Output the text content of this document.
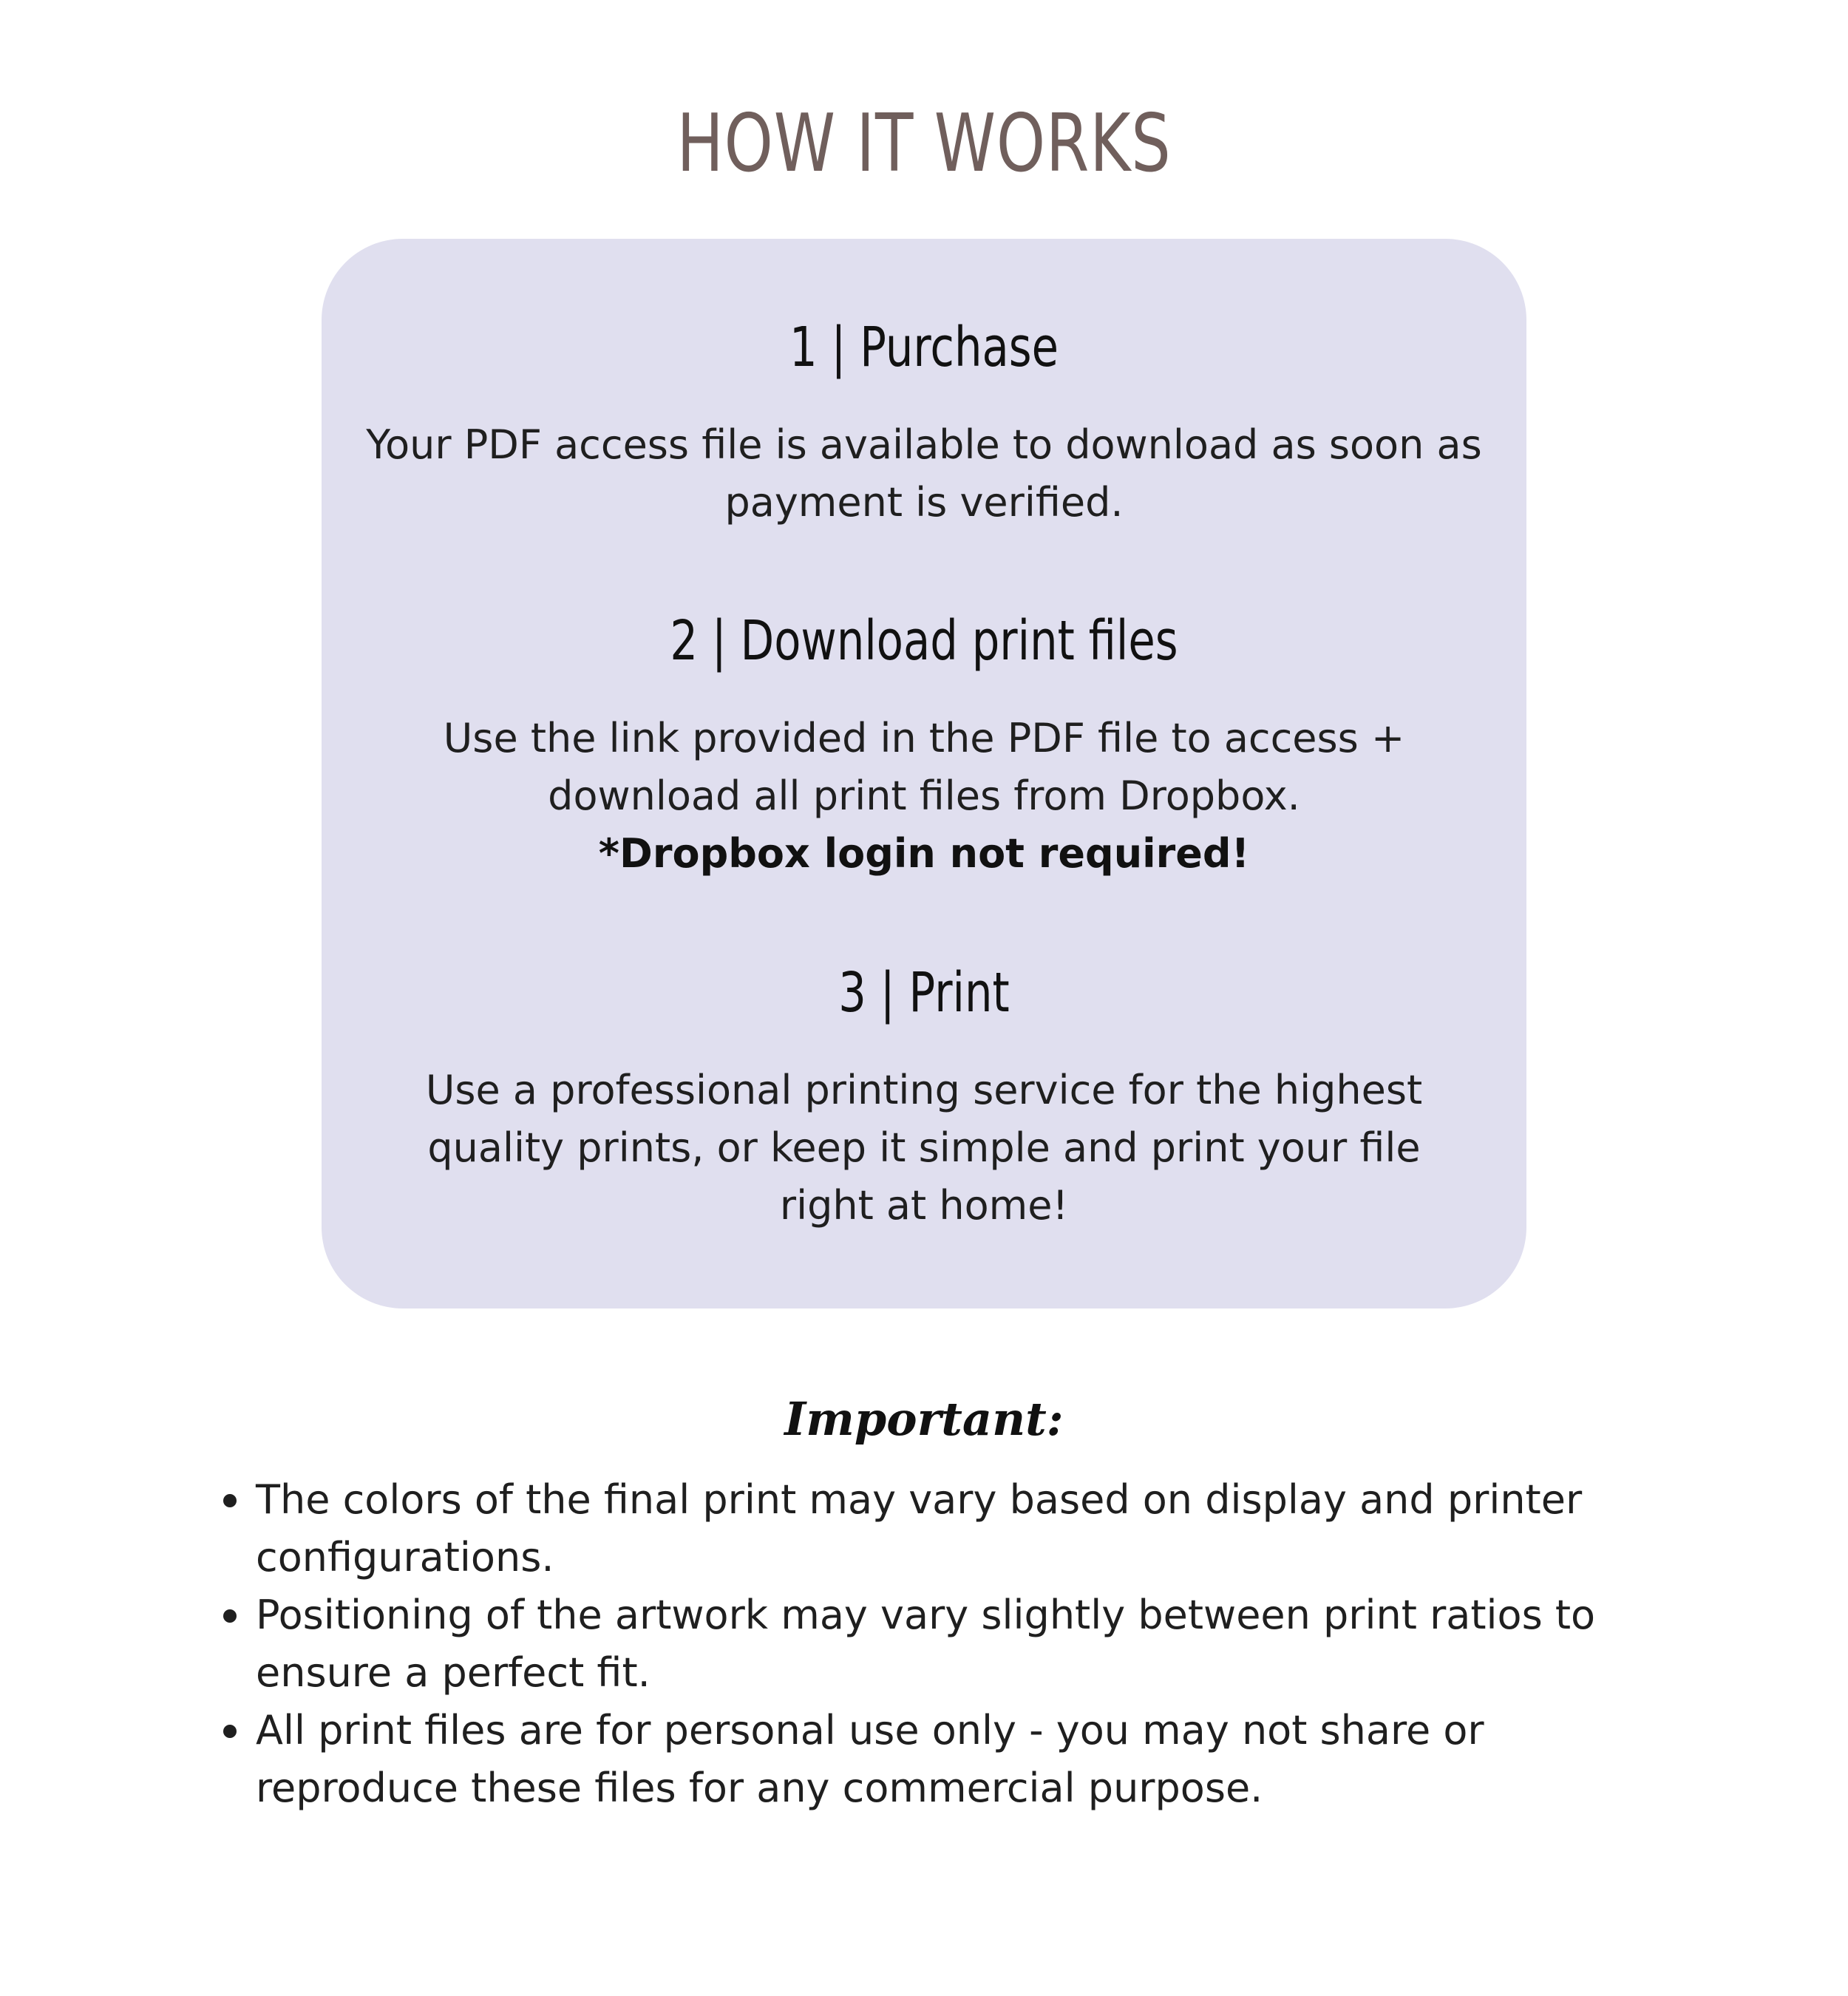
HOW IT WORKS
1 | Purchase

Your PDF access file is available to download as soon as payment is verified.

2 | Download print files

Use the link provided in the PDF file to access + download all print files from Dropbox.

*Dropbox login not required!

3 | Print

Use a professional printing service for the highest quality prints, or keep it simple and print your file right at home!

Important:
The colors of the final print may vary based on display and printer configurations.
Positioning of the artwork may vary slightly between print ratios to ensure a perfect fit.
All print files are for personal use only - you may not share or reproduce these files for any commercial purpose.
